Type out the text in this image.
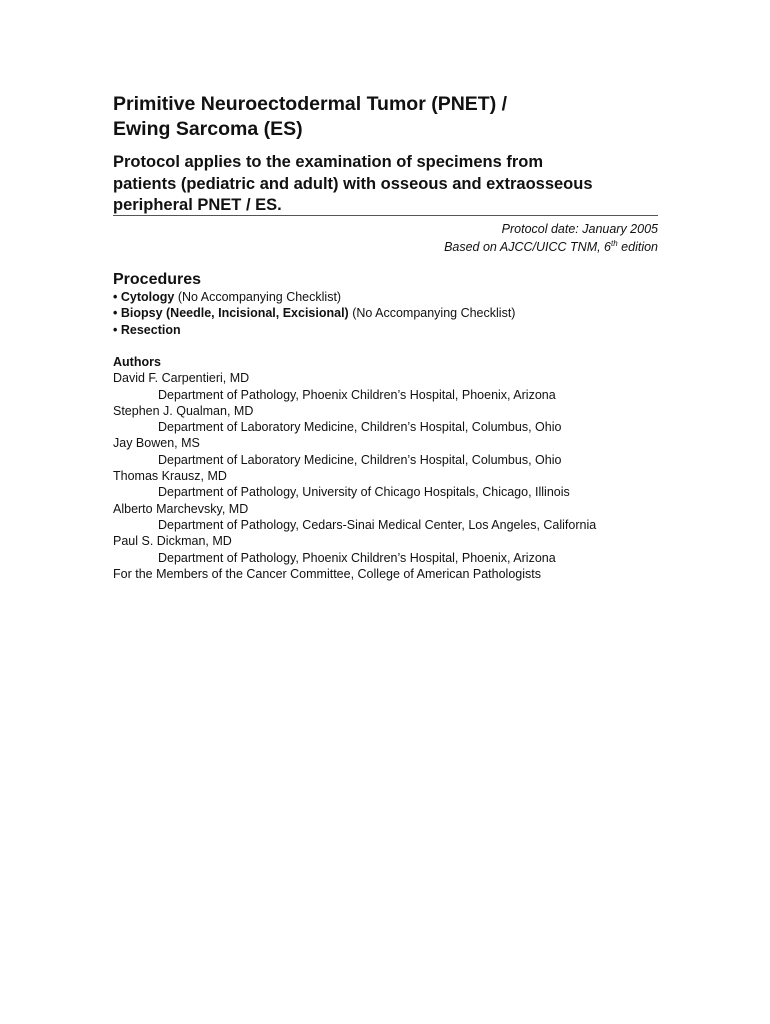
Primitive Neuroectodermal Tumor (PNET) /
Ewing Sarcoma (ES)
Protocol applies to the examination of specimens from
patients (pediatric and adult) with osseous and extraosseous
peripheral PNET / ES.
Protocol date: January 2005
Based on AJCC/UICC TNM, 6th edition
Procedures
• Cytology (No Accompanying Checklist)
• Biopsy (Needle, Incisional, Excisional) (No Accompanying Checklist)
• Resection
Authors
David F. Carpentieri, MD
Department of Pathology, Phoenix Children’s Hospital, Phoenix, Arizona
Stephen J. Qualman, MD
Department of Laboratory Medicine, Children’s Hospital, Columbus, Ohio
Jay Bowen, MS
Department of Laboratory Medicine, Children’s Hospital, Columbus, Ohio
Thomas Krausz, MD
Department of Pathology, University of Chicago Hospitals, Chicago, Illinois
Alberto Marchevsky, MD
Department of Pathology, Cedars-Sinai Medical Center, Los Angeles, California
Paul S. Dickman, MD
Department of Pathology, Phoenix Children’s Hospital, Phoenix, Arizona
For the Members of the Cancer Committee, College of American Pathologists
